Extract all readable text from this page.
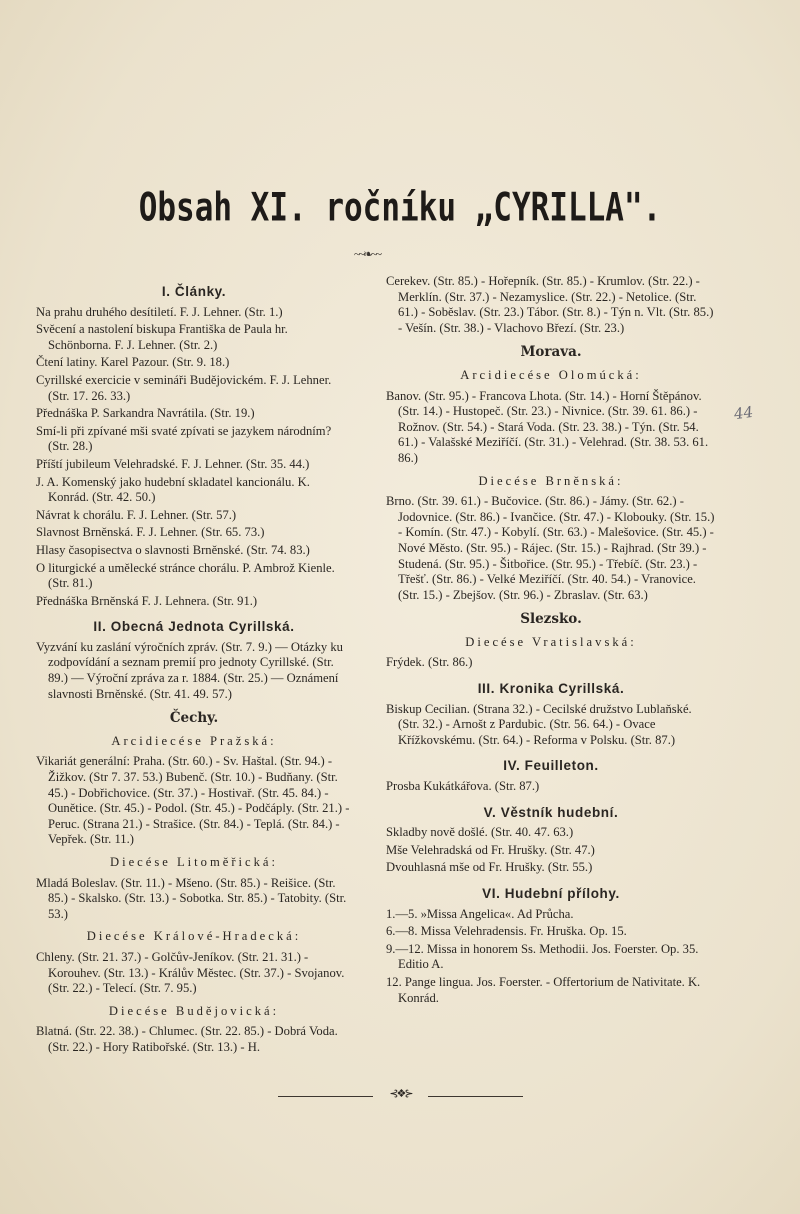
Obsah XI. ročníku „CYRILLA".
~~❧~~
I. Články.
Na prahu druhého desítiletí. F. J. Lehner. (Str. 1.)
Svěcení a nastolení biskupa Františka de Paula hr. Schönborna. F. J. Lehner. (Str. 2.)
Čtení latiny. Karel Pazour. (Str. 9. 18.)
Cyrillské exercicie v semináři Budějovickém. F. J. Lehner. (Str. 17. 26. 33.)
Přednáška P. Sarkandra Navrátila. (Str. 19.)
Smí-li při zpívané mši svaté zpívati se jazykem národním? (Str. 28.)
Příští jubileum Velehradské. F. J. Lehner. (Str. 35. 44.)
J. A. Komenský jako hudební skladatel kancionálu. K. Konrád. (Str. 42. 50.)
Návrat k chorálu. F. J. Lehner. (Str. 57.)
Slavnost Brněnská. F. J. Lehner. (Str. 65. 73.)
Hlasy časopisectva o slavnosti Brněnské. (Str. 74. 83.)
O liturgické a umělecké stránce chorálu. P. Ambrož Kienle. (Str. 81.)
Přednáška Brněnská F. J. Lehnera. (Str. 91.)
II. Obecná Jednota Cyrillská.
Vyzvání ku zaslání výročních zpráv. (Str. 7. 9.) — Otázky ku zodpovídání a seznam premií pro jednoty Cyrillské. (Str. 89.) — Výroční zpráva za r. 1884. (Str. 25.) — Oznámení slavnosti Brněnské. (Str. 41. 49. 57.)
Čechy.
Arcidiecése Pražská:
Vikariát generální: Praha. (Str. 60.) - Sv. Haštal. (Str. 94.) - Žižkov. (Str 7. 37. 53.) Bubenč. (Str. 10.) - Budňany. (Str. 45.) - Dobřichovice. (Str. 37.) - Hostivař. (Str. 45. 84.) - Ounětice. (Str. 45.) - Podol. (Str. 45.) - Podčáply. (Str. 21.) - Peruc. (Strana 21.) - Strašice. (Str. 84.) - Teplá. (Str. 84.) - Vepřek. (Str. 11.)
Diecése Litoměřická:
Mladá Boleslav. (Str. 11.) - Mšeno. (Str. 85.) - Reišice. (Str. 85.) - Skalsko. (Str. 13.) - Sobotka. Str. 85.) - Tatobity. (Str. 53.)
Diecése Králové-Hradecká:
Chleny. (Str. 21. 37.) - Golčův-Jeníkov. (Str. 21. 31.) - Korouhev. (Str. 13.) - Králův Městec. (Str. 37.) - Svojanov. (Str. 22.) - Telecí. (Str. 7. 95.)
Diecése Budějovická:
Blatná. (Str. 22. 38.) - Chlumec. (Str. 22. 85.) - Dobrá Voda. (Str. 22.) - Hory Ratibořské. (Str. 13.) - H.
Cerekev. (Str. 85.) - Hořepník. (Str. 85.) - Krumlov. (Str. 22.) - Merklín. (Str. 37.) - Nezamyslice. (Str. 22.) - Netolice. (Str. 61.) - Soběslav. (Str. 23.) Tábor. (Str. 8.) - Týn n. Vlt. (Str. 85.) - Vešín. (Str. 38.) - Vlachovo Březí. (Str. 23.)
Morava.
Arcidiecése Olomúcká:
Banov. (Str. 95.) - Francova Lhota. (Str. 14.) - Horní Štěpánov. (Str. 14.) - Hustopeč. (Str. 23.) - Nivnice. (Str. 39. 61. 86.) - Rožnov. (Str. 54.) - Stará Voda. (Str. 23. 38.) - Týn. (Str. 54. 61.) - Valašské Meziříčí. (Str. 31.) - Velehrad. (Str. 38. 53. 61. 86.)
Diecése Brněnská:
Brno. (Str. 39. 61.) - Bučovice. (Str. 86.) - Jámy. (Str. 62.) - Jodovnice. (Str. 86.) - Ivančice. (Str. 47.) - Klobouky. (Str. 15.) - Komín. (Str. 47.) - Kobylí. (Str. 63.) - Malešovice. (Str. 45.) - Nové Město. (Str. 95.) - Rájec. (Str. 15.) - Rajhrad. (Str 39.) - Studená. (Str. 95.) - Šitbořice. (Str. 95.) - Třebíč. (Str. 23.) - Třešť. (Str. 86.) - Velké Meziříčí. (Str. 40. 54.) - Vranovice. (Str. 15.) - Zbejšov. (Str. 96.) - Zbraslav. (Str. 63.)
Slezsko.
Diecése Vratislavská:
Frýdek. (Str. 86.)
III. Kronika Cyrillská.
Biskup Cecilian. (Strana 32.) - Cecilské družstvo Lublaňské. (Str. 32.) - Arnošt z Pardubic. (Str. 56. 64.) - Ovace Křížkovskému. (Str. 64.) - Reforma v Polsku. (Str. 87.)
IV. Feuilleton.
Prosba Kukátkářova. (Str. 87.)
V. Věstník hudební.
Skladby nově došlé. (Str. 40. 47. 63.)
Mše Velehradská od Fr. Hrušky. (Str. 47.)
Dvouhlasná mše od Fr. Hrušky. (Str. 55.)
VI. Hudební přílohy.
1.—5. »Missa Angelica«. Ad Průcha.
6.—8. Missa Velehradensis. Fr. Hruška. Op. 15.
9.—12. Missa in honorem Ss. Methodii. Jos. Foerster. Op. 35. Editio A.
12. Pange lingua. Jos. Foerster. - Offertorium de Nativitate. K. Konrád.
44
⊰❖⊱
